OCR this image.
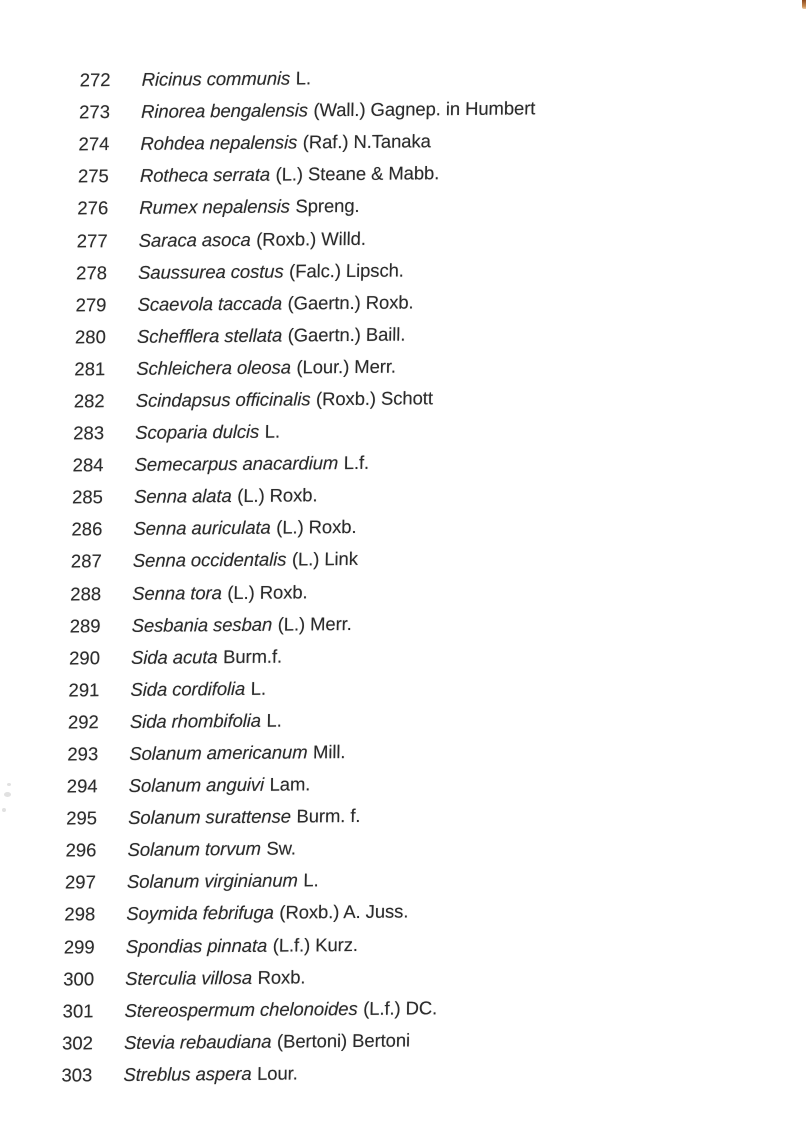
272	Ricinus communis L.
273	Rinorea bengalensis (Wall.) Gagnep. in Humbert
274	Rohdea nepalensis (Raf.) N.Tanaka
275	Rotheca serrata (L.) Steane & Mabb.
276	Rumex nepalensis Spreng.
277	Saraca asoca (Roxb.) Willd.
278	Saussurea costus (Falc.) Lipsch.
279	Scaevola taccada (Gaertn.) Roxb.
280	Schefflera stellata (Gaertn.) Baill.
281	Schleichera oleosa (Lour.) Merr.
282	Scindapsus officinalis (Roxb.) Schott
283	Scoparia dulcis L.
284	Semecarpus anacardium L.f.
285	Senna alata (L.) Roxb.
286	Senna auriculata (L.) Roxb.
287	Senna occidentalis (L.) Link
288	Senna tora (L.) Roxb.
289	Sesbania sesban (L.) Merr.
290	Sida acuta Burm.f.
291	Sida cordifolia L.
292	Sida rhombifolia L.
293	Solanum americanum Mill.
294	Solanum anguivi Lam.
295	Solanum surattense Burm. f.
296	Solanum torvum Sw.
297	Solanum virginianum L.
298	Soymida febrifuga (Roxb.) A. Juss.
299	Spondias pinnata (L.f.) Kurz.
300	Sterculia villosa Roxb.
301	Stereospermum chelonoides (L.f.) DC.
302	Stevia rebaudiana (Bertoni) Bertoni
303	Streblus aspera Lour.
